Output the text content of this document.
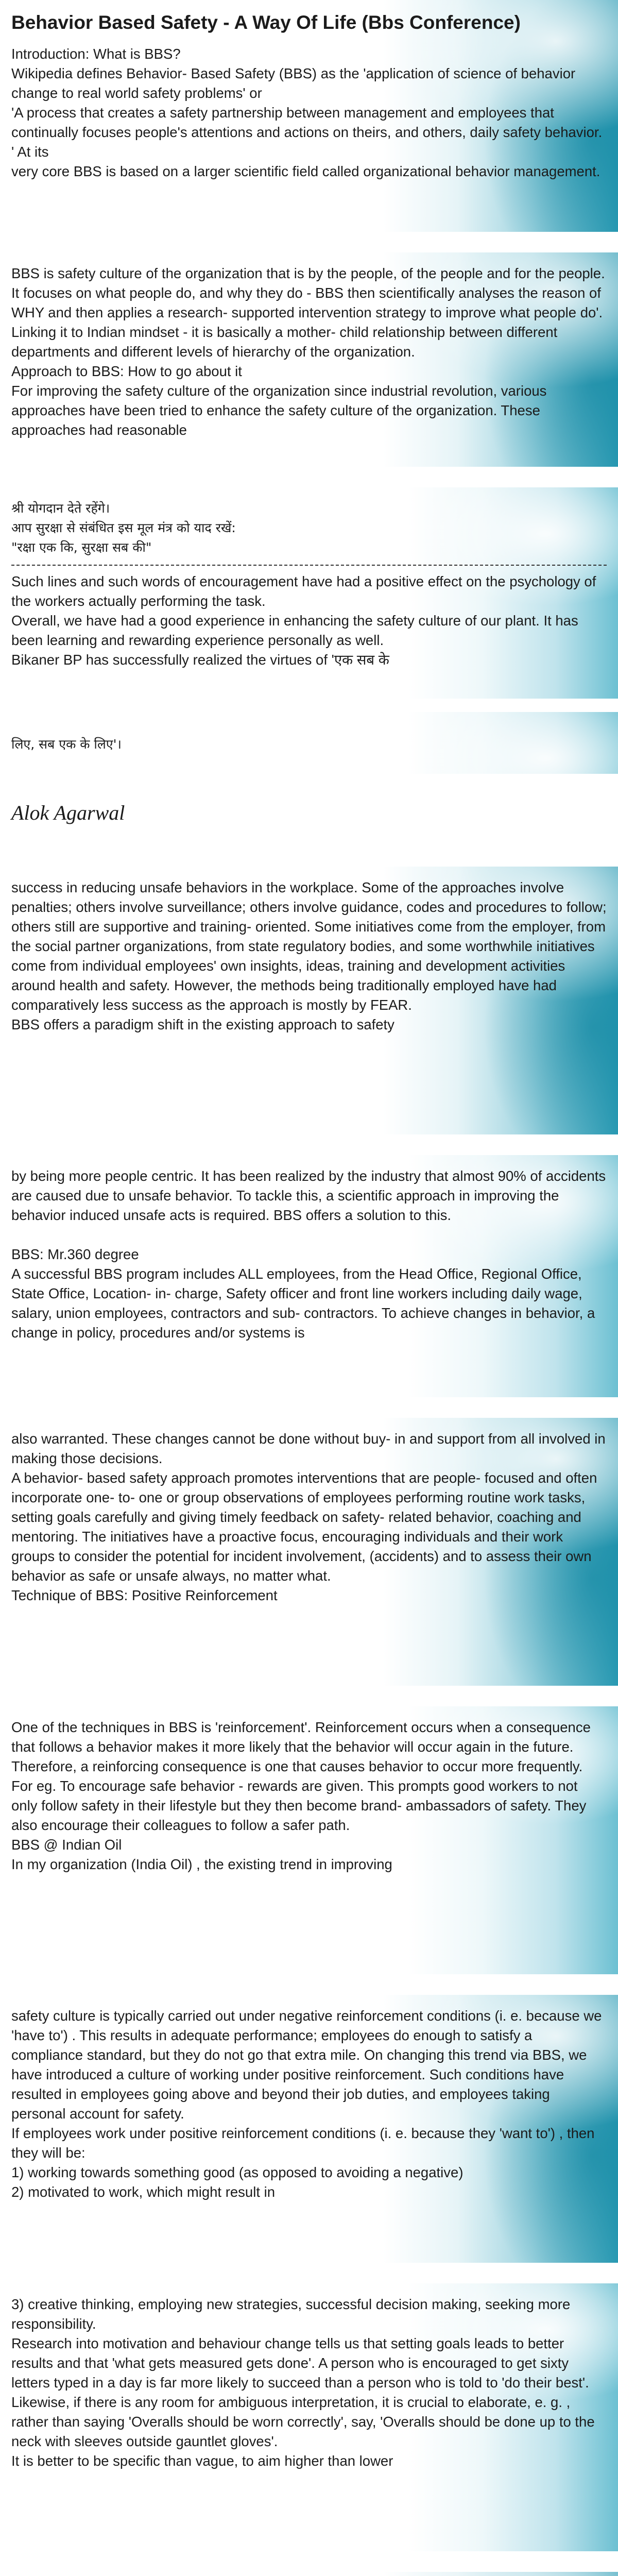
Behavior Based Safety - A Way Of Life (Bbs Conference)

Introduction: What is BBS?

Wikipedia defines Behavior- Based Safety (BBS) as the 'application of science of behavior change to real world safety problems' or

'A process that creates a safety partnership between management and employees that continually focuses people's attentions and actions on theirs, and others, daily safety behavior. ' At its

very core BBS is based on a larger scientific field called organizational behavior management.

BBS is safety culture of the organization that is by the people, of the people and for the people. It focuses on what people do, and why they do - BBS then scientifically analyses the reason of WHY and then applies a research- supported intervention strategy to improve what people do'. Linking it to Indian mindset - it is basically a mother- child relationship between different departments and different levels of hierarchy of the organization.

Approach to BBS: How to go about it

For improving the safety culture of the organization since industrial revolution, various approaches have been tried to enhance the safety culture of the organization. These approaches had reasonable

श्री योगदान देते रहेंगे।

आप सुरक्षा से संबंधित इस मूल मंत्र को याद रखें:

"रक्षा एक कि, सुरक्षा सब की"

Such lines and such words of encouragement have had a positive effect on the psychology of the workers actually performing the task.

Overall, we have had a good experience in enhancing the safety culture of our plant. It has been learning and rewarding experience personally as well.

Bikaner BP has successfully realized the virtues of 'एक सब के

लिए, सब एक के लिए'।

Alok Agarwal

success in reducing unsafe behaviors in the workplace. Some of the approaches involve penalties; others involve surveillance; others involve guidance, codes and procedures to follow; others still are supportive and training- oriented. Some initiatives come from the employer, from the social partner organizations, from state regulatory bodies, and some worthwhile initiatives come from individual employees' own insights, ideas, training and development activities around health and safety. However, the methods being traditionally employed have had comparatively less success as the approach is mostly by FEAR.

BBS offers a paradigm shift in the existing approach to safety

by being more people centric. It has been realized by the industry that almost 90% of accidents are caused due to unsafe behavior. To tackle this, a scientific approach in improving the behavior induced unsafe acts is required. BBS offers a solution to this.

BBS: Mr.360 degree

A successful BBS program includes ALL employees, from the Head Office, Regional Office, State Office, Location- in- charge, Safety officer and front line workers including daily wage, salary, union employees, contractors and sub- contractors. To achieve changes in behavior, a change in policy, procedures and/or systems is

also warranted. These changes cannot be done without buy- in and support from all involved in making those decisions.

A behavior- based safety approach promotes interventions that are people- focused and often incorporate one- to- one or group observations of employees performing routine work tasks, setting goals carefully and giving timely feedback on safety- related behavior, coaching and mentoring. The initiatives have a proactive focus, encouraging individuals and their work groups to consider the potential for incident involvement, (accidents) and to assess their own behavior as safe or unsafe always, no matter what.

Technique of BBS: Positive Reinforcement

One of the techniques in BBS is 'reinforcement'. Reinforcement occurs when a consequence that follows a behavior makes it more likely that the behavior will occur again in the future. Therefore, a reinforcing consequence is one that causes behavior to occur more frequently. For eg. To encourage safe behavior - rewards are given. This prompts good workers to not only follow safety in their lifestyle but they then become brand- ambassadors of safety. They also encourage their colleagues to follow a safer path.

BBS @ Indian Oil

In my organization (India Oil) , the existing trend in improving

safety culture is typically carried out under negative reinforcement conditions (i. e. because we 'have to') . This results in adequate performance; employees do enough to satisfy a compliance standard, but they do not go that extra mile. On changing this trend via BBS, we have introduced a culture of working under positive reinforcement. Such conditions have resulted in employees going above and beyond their job duties, and employees taking personal account for safety.

If employees work under positive reinforcement conditions (i. e. because they 'want to') , then they will be:

1) working towards something good (as opposed to avoiding a negative)

2) motivated to work, which might result in

3) creative thinking, employing new strategies, successful decision making, seeking more responsibility.

Research into motivation and behaviour change tells us that setting goals leads to better results and that 'what gets measured gets done'. A person who is encouraged to get sixty letters typed in a day is far more likely to succeed than a person who is told to 'do their best'. Likewise, if there is any room for ambiguous interpretation, it is crucial to elaborate, e. g. , rather than saying 'Overalls should be worn correctly', say, 'Overalls should be done up to the neck with sleeves outside gauntlet gloves'.

It is better to be specific than vague, to aim higher than lower
